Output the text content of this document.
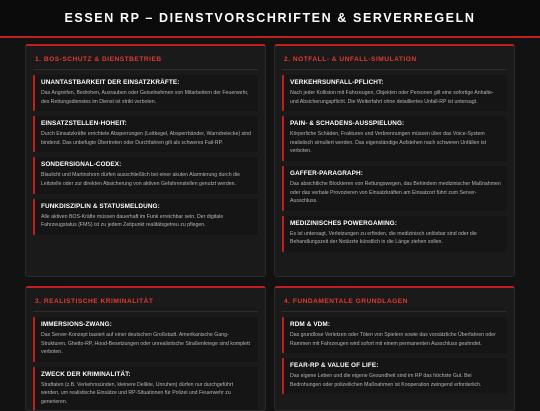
ESSEN RP – DIENSTVORSCHRIFTEN & SERVERREGELN
1. BOS-SCHUTZ & DIENSTBETRIEB
UNANTASTBARKEIT DER EINSATZKRÄFTE:
Das Angreifen, Bedrohen, Ausrauben oder Geiselnehmen von Mitarbeitern der Feuerwehr, des Rettungsdienstes im Dienst ist strikt verboten.
EINSATZSTELLEN-HOHEIT:
Durch Einsatzkräfte errichtete Absperrungen (Leitkegel, Absperrbänder, Warndreiecke) sind bindend. Das unbefugte Übertreten oder Durchfahren gilt als schweres Fail-RP.
SONDERSIGNAL-CODEX:
Blaulicht und Martinshorn dürfen ausschließlich bei einer akuten Alarmierung durch die Leitstelle oder zur direkten Absicherung von aktiven Gefahrenstellen genutzt werden.
FUNKDISZIPLIN & STATUSMELDUNG:
Alle aktiven BOS-Kräfte müssen dauerhaft im Funk erreichbar sein. Der digitale Fahrzeugstatus (FMS) ist zu jedem Zeitpunkt realitätsgetreu zu pflegen.
2. NOTFALL- & UNFALL-SIMULATION
VERKEHRSUNFALL-PFLICHT:
Nach jeder Kollision mit Fahrzeugen, Objekten oder Personen gilt eine sofortige Anhalte- und Absicherungspflicht. Die Weiterfahrt ohne detailliertes Unfall-RP ist untersagt.
PAIN- & SCHADENS-AUSSPIELUNG:
Körperliche Schäden, Frakturen und Verbrennungen müssen über das Voice-System realistisch simuliert werden. Das eigenständige Aufstehen nach schweren Unfällen ist verboten.
GAFFER-PARAGRAPH:
Das absichtliche Blockieren von Rettungswegen, das Behindern medizinischer Maßnahmen oder das verbale Provozieren von Einsatzkräften am Einsatzort führt zum Server-Ausschluss.
MEDIZINISCHES POWERGAMING:
Es ist untersagt, Verletzungen zu erfinden, die medizinisch unlösbar sind oder die Behandlungszeit der Notärzte künstlich in die Länge ziehen sollen.
3. REALISTISCHE KRIMINALITÄT
IMMERSIONS-ZWANG:
Das Server-Konzept basiert auf einer deutschen Großstadt. Amerikanische Gang-Strukturen, Ghetto-RP, Hood-Besetzungen oder unrealistische Straßenkriege sind komplett verboten.
ZWECK DER KRIMINALITÄT:
Straftaten (z.B. Verkehrssünden, kleinere Delikte, Unruhen) dürfen nur durchgeführt werden, um realistische Einsätze und RP-Situationen für Polizei und Feuerwehr zu generieren.
4. FUNDAMENTALE GRUNDLAGEN
RDM & VDM:
Das grundlose Verletzen oder Töten von Spielern sowie das vorsätzliche Überfahren oder Rammen mit Fahrzeugen wird sofort mit einem permanenten Ausschluss geahndet.
FEAR-RP & VALUE OF LIFE:
Das eigene Leben und die eigene Gesundheit sind im RP das höchste Gut. Bei Bedrohungen oder polizeilichen Maßnahmen ist Kooperation zwingend erforderlich.
